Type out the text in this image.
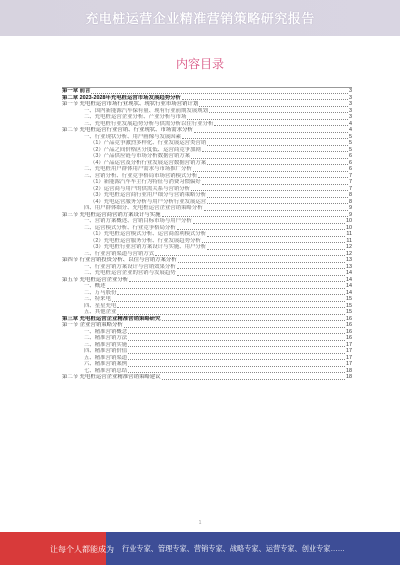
充电桩运营企业精准营销策略研究报告
内容目录
第一章 前言	3
第二章 2023-2028年充电桩运营市场发展趋势分析	3
第一节 充电桩运营市场行业现状、现状行业市场营销计划	3
一、国内新能源汽车保有量、现有行业前期发展规划	3
二、充电桩运营企业分析、产业分析与市场	3
三、充电桩行业发展趋势分析与供需分析以往行业分析	4
第二节 充电桩运营行业营销、行业现状、市场需求分析	4
一、行业现状分析、用户画像与发展因素	5
（1）产品竞争激烈多样化、行业发展运营类营销	5
（2）产品之间价格区分度低、运营商竞争加剧	5
（3）产品供应链与市场分析数据营销方案	6
（4）产品运营及分析行业发展运营数据营销方案	6
二、充电桩用户群体用户需求与市场推广分析	6
三、营销分析、行业竞争格局市场营销模式分析	7
（1）新能源汽车车主行为特征与消费习惯偏好	7
（2）运营商与用户的供需关系与营销分析	7
（3）充电桩运营商行业用户细分与营销策略分析	8
（4）充电运营服务分析与用户分析行业发展运营	8
四、用户群体细分、充电桩运营企业营销策略分析	9
第三节 充电桩运营商营销方案设计与实施	9
一、营销方案概述、营销目标市场与用户分析	10
二、运营模式分析、行业竞争格局分析	10
（1）充电桩运营模式分析、运营商盈利模式分析	11
（2）充电桩运营服务分析、行业发展趋势分析	11
（3）充电桩行业营销方案设计与实施、用户分析	12
三、行业营销渠道与营销方式	12
第四节 行业营销投资分析、以往与营销方案分析	13
一、行业营销方案设计与营销效果分析	13
二、充电桩运营企业的营销与发展趋势	14
第五节 充电桩运营企业分析	14
一、概述	14
二、万马股份	14
三、特来电	15
四、星星充电	15
五、其他企业	15
第三章 充电桩运营企业精准营销策略研究	16
第一节 企业营销策略分析	16
一、精准营销概念	16
二、精准营销方法	16
三、精准营销实施	17
四、精准营销价值	17
五、精准营销渠道	17
六、精准营销案例	17
七、精准营销总结	18
第二节 充电桩运营企业精准营销策略建议	18
1
让每个人都能成为 行业专家、管理专家、营销专家、战略专家、运营专家、创业专家……
